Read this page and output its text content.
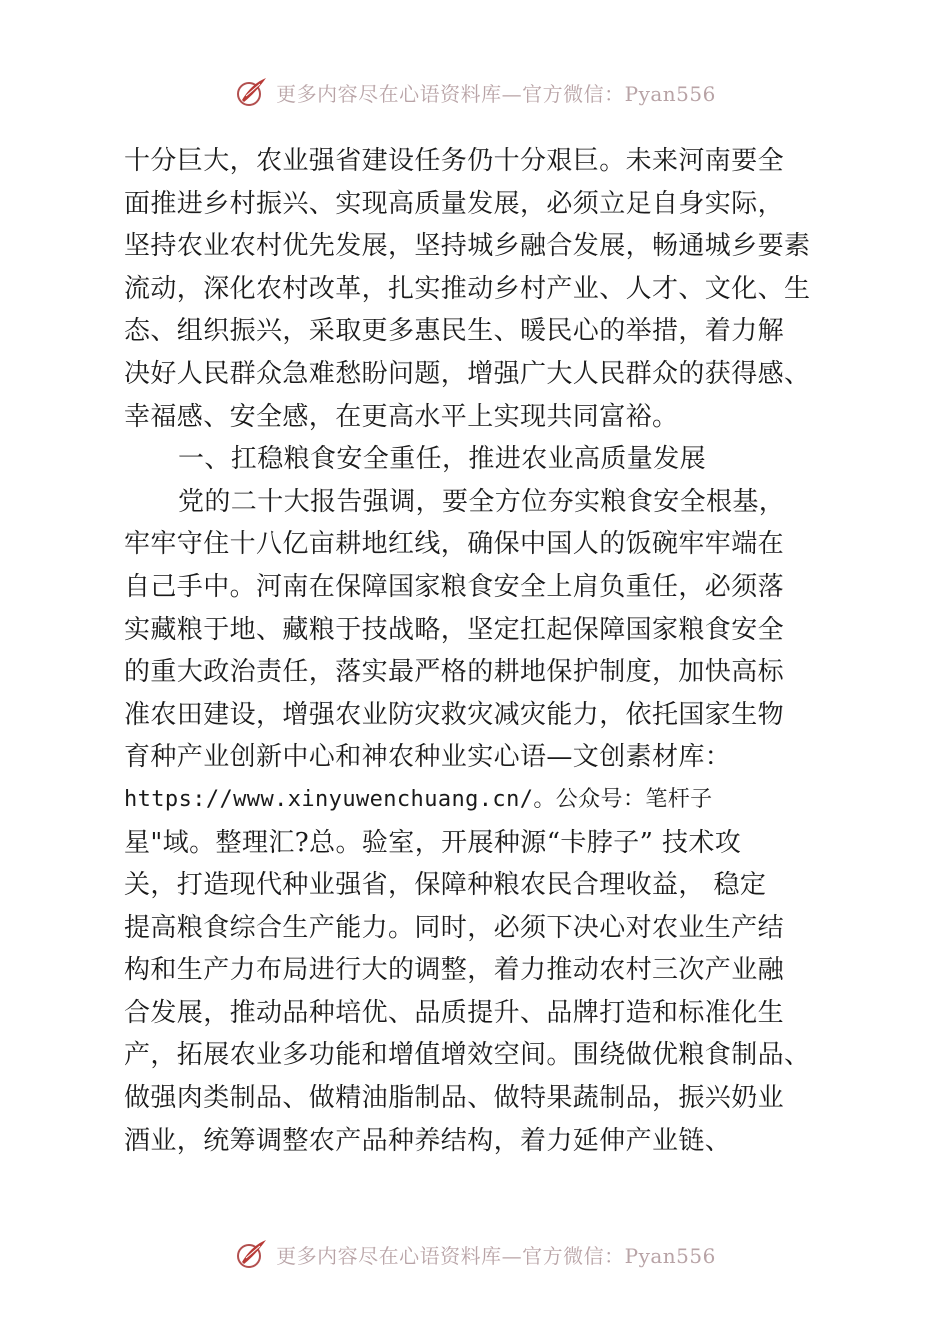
更多内容尽在心语资料库—官方微信：Pyan556
十分巨大，农业强省建设任务仍十分艰巨。未来河南要全
面推进乡村振兴、实现高质量发展，必须立足自身实际，
坚持农业农村优先发展，坚持城乡融合发展，畅通城乡要素
流动，深化农村改革，扎实推动乡村产业、人才、文化、生
态、组织振兴，采取更多惠民生、暖民心的举措，着力解
决好人民群众急难愁盼问题，增强广大人民群众的获得感、
幸福感、安全感，在更高水平上实现共同富裕。
一、扛稳粮食安全重任，推进农业高质量发展
党的二十大报告强调，要全方位夯实粮食安全根基，
牢牢守住十八亿亩耕地红线，确保中国人的饭碗牢牢端在
自己手中。河南在保障国家粮食安全上肩负重任，必须落
实藏粮于地、藏粮于技战略，坚定扛起保障国家粮食安全
的重大政治责任，落实最严格的耕地保护制度，加快高标
准农田建设，增强农业防灾救灾减灾能力，依托国家生物
育种产业创新中心和神农种业实心语—文创素材库：
https://www.xinyuwenchuang.cn/。公众号：笔杆子
星"域。整理汇?总。验室，开展种源“卡脖子” 技术攻
关，打造现代种业强省，保障种粮农民合理收益， 稳定
提高粮食综合生产能力。同时，必须下决心对农业生产结
构和生产力布局进行大的调整，着力推动农村三次产业融
合发展，推动品种培优、品质提升、品牌打造和标准化生
产，拓展农业多功能和增值增效空间。围绕做优粮食制品、
做强肉类制品、做精油脂制品、做特果蔬制品，振兴奶业
酒业，统筹调整农产品种养结构，着力延伸产业链、
更多内容尽在心语资料库—官方微信：Pyan556
